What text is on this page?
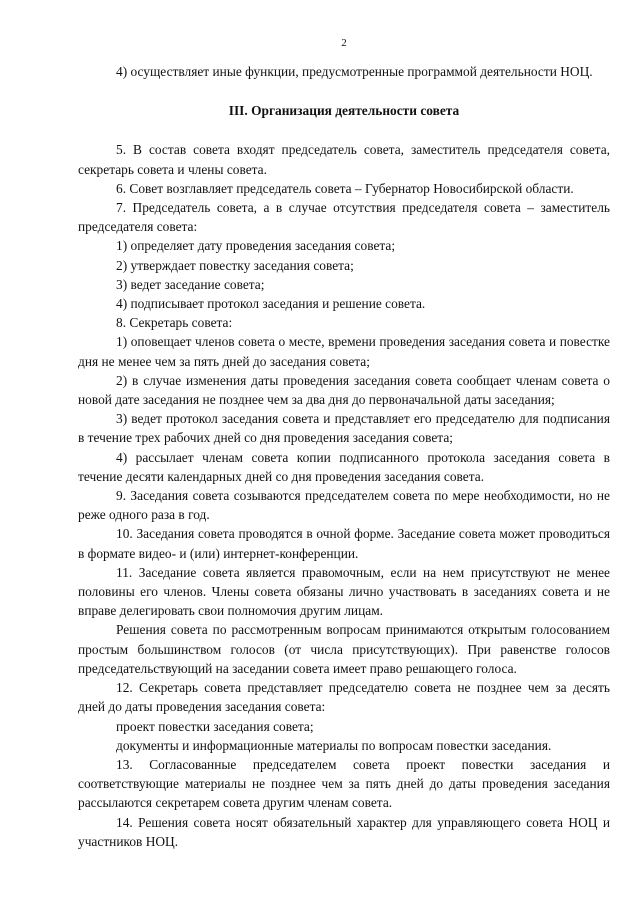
2

4) осуществляет иные функции, предусмотренные программой деятельности НОЦ.

III. Организация деятельности совета

5. В состав совета входят председатель совета, заместитель председателя совета, секретарь совета и члены совета.

6. Совет возглавляет председатель совета – Губернатор Новосибирской области.

7. Председатель совета, а в случае отсутствия председателя совета – заместитель председателя совета:

1) определяет дату проведения заседания совета;

2) утверждает повестку заседания совета;

3) ведет заседание совета;

4) подписывает протокол заседания и решение совета.

8. Секретарь совета:

1) оповещает членов совета о месте, времени проведения заседания совета и повестке дня не менее чем за пять дней до заседания совета;

2) в случае изменения даты проведения заседания совета сообщает членам совета о новой дате заседания не позднее чем за два дня до первоначальной даты заседания;

3) ведет протокол заседания совета и представляет его председателю для подписания в течение трех рабочих дней со дня проведения заседания совета;

4) рассылает членам совета копии подписанного протокола заседания совета в течение десяти календарных дней со дня проведения заседания совета.

9. Заседания совета созываются председателем совета по мере необходимости, но не реже одного раза в год.

10. Заседания совета проводятся в очной форме. Заседание совета может проводиться в формате видео- и (или) интернет-конференции.

11. Заседание совета является правомочным, если на нем присутствуют не менее половины его членов. Члены совета обязаны лично участвовать в заседаниях совета и не вправе делегировать свои полномочия другим лицам.

Решения совета по рассмотренным вопросам принимаются открытым голосованием простым большинством голосов (от числа присутствующих). При равенстве голосов председательствующий на заседании совета имеет право решающего голоса.

12. Секретарь совета представляет председателю совета не позднее чем за десять дней до даты проведения заседания совета:

проект повестки заседания совета;

документы и информационные материалы по вопросам повестки заседания.

13. Согласованные председателем совета проект повестки заседания и соответствующие материалы не позднее чем за пять дней до даты проведения заседания рассылаются секретарем совета другим членам совета.

14. Решения совета носят обязательный характер для управляющего совета НОЦ и участников НОЦ.
